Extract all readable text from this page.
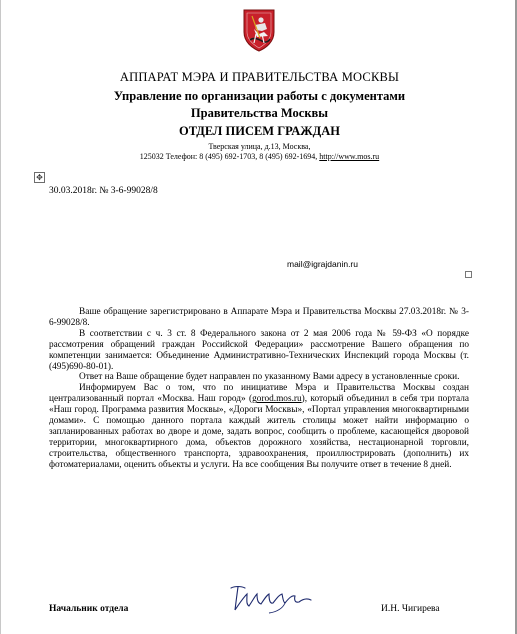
АППАРАТ МЭРА И ПРАВИТЕЛЬСТВА МОСКВЫ
Управление по организации работы с документами
Правительства Москвы
ОТДЕЛ ПИСЕМ ГРАЖДАН
Тверская улица, д.13, Москва,
125032 Телефон: 8 (495) 692-1703, 8 (495) 692-1694, http://www.mos.ru
✥
30.03.2018г. № 3-6-99028/8
mail@igrajdanin.ru

Ваше обращение зарегистрировано в Аппарате Мэра и Правительства Москвы 27.03.2018г. № 3-6-99028/8.

В соответствии с ч. 3 ст. 8 Федерального закона от 2 мая 2006 года № 59-ФЗ «О порядке рассмотрения обращений граждан Российской Федерации» рассмотрение Вашего обращения по компетенции занимается: Объединение Административно-Технических Инспекций города Москвы (т. (495)690-80-01).

Ответ на Ваше обращение будет направлен по указанному Вами адресу в установленные сроки.

Информируем Вас о том, что по инициативе Мэра и Правительства Москвы создан централизованный портал «Москва. Наш город» (gorod.mos.ru), который объединил в себя три портала «Наш город. Программа развития Москвы», «Дороги Москвы», «Портал управления многоквартирными домами». С помощью данного портала каждый житель столицы может найти информацию о запланированных работах во дворе и доме, задать вопрос, сообщить о проблеме, касающейся дворовой территории, многоквартирного дома, объектов дорожного хозяйства, нестационарной торговли, строительства, общественного транспорта, здравоохранения, проиллюстрировать (дополнить) их фотоматериалами, оценить объекты и услуги. На все сообщения Вы получите ответ в течение 8 дней.

Начальник отдела	И.Н. Чигирева
